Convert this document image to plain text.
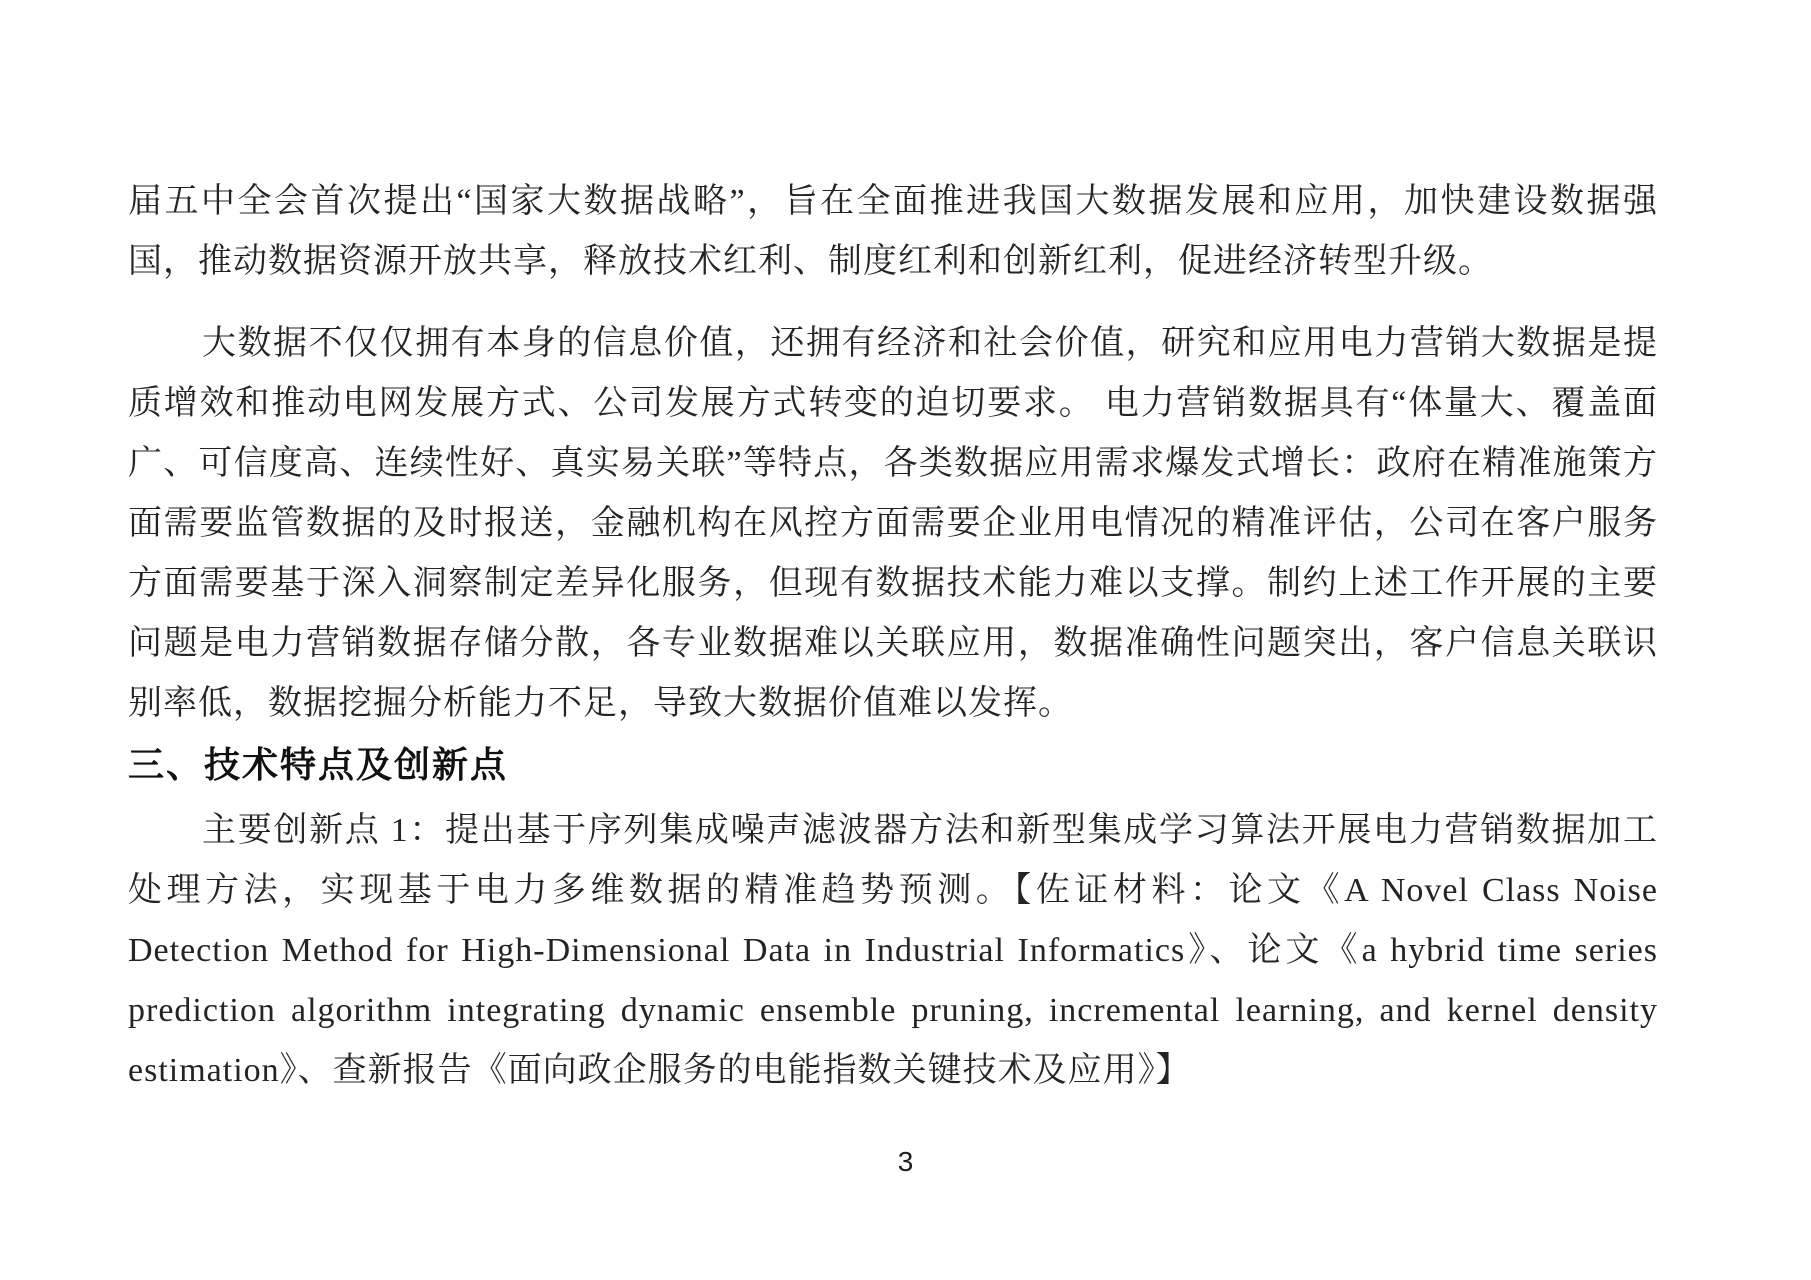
届五中全会首次提出“国家大数据战略”，旨在全面推进我国大数据发展和应用，加快建设数据强国，推动数据资源开放共享，释放技术红利、制度红利和创新红利，促进经济转型升级。

大数据不仅仅拥有本身的信息价值，还拥有经济和社会价值，研究和应用电力营销大数据是提质增效和推动电网发展方式、公司发展方式转变的迫切要求。 电力营销数据具有“体量大、覆盖面广、可信度高、连续性好、真实易关联”等特点，各类数据应用需求爆发式增长：政府在精准施策方面需要监管数据的及时报送，金融机构在风控方面需要企业用电情况的精准评估，公司在客户服务方面需要基于深入洞察制定差异化服务，但现有数据技术能力难以支撑。制约上述工作开展的主要问题是电力营销数据存储分散，各专业数据难以关联应用，数据准确性问题突出，客户信息关联识别率低，数据挖掘分析能力不足，导致大数据价值难以发挥。

三、技术特点及创新点

主要创新点 1：提出基于序列集成噪声滤波器方法和新型集成学习算法开展电力营销数据加工处理方法，实现基于电力多维数据的精准趋势预测。【佐证材料：论文《A Novel Class Noise Detection Method for High-Dimensional Data in Industrial Informatics》、论文《a hybrid time series prediction algorithm integrating dynamic ensemble pruning, incremental learning, and kernel density estimation》、查新报告《面向政企服务的电能指数关键技术及应用》】

3
